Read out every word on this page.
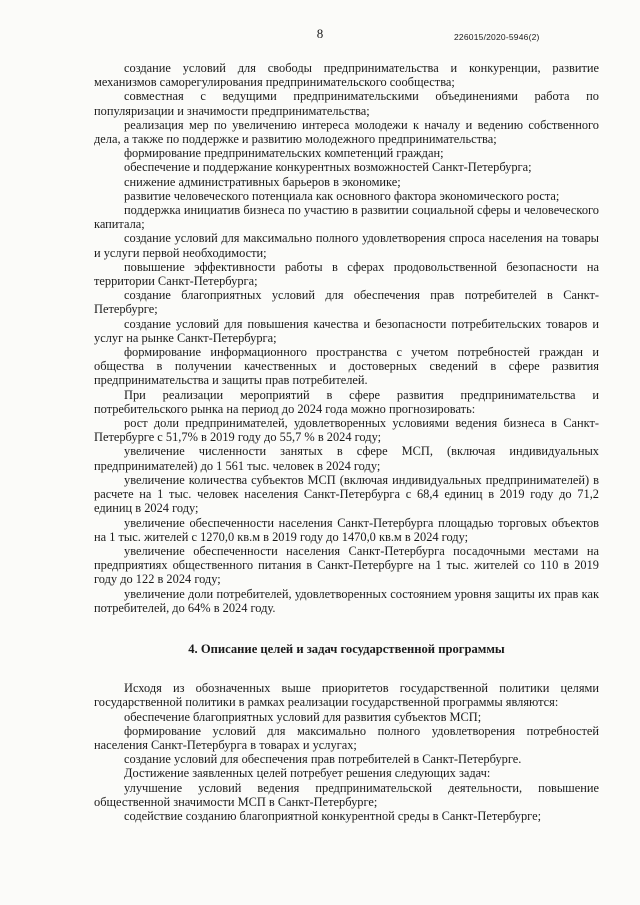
8	226015/2020-5946(2)

создание условий для свободы предпринимательства и конкуренции, развитие механизмов саморегулирования предпринимательского сообщества;

совместная с ведущими предпринимательскими объединениями работа по популяризации и значимости предпринимательства;

реализация мер по увеличению интереса молодежи к началу и ведению собственного дела, а также по поддержке и развитию молодежного предпринимательства;

формирование предпринимательских компетенций граждан;

обеспечение и поддержание конкурентных возможностей Санкт-Петербурга;

снижение административных барьеров в экономике;

развитие человеческого потенциала как основного фактора экономического роста;

поддержка инициатив бизнеса по участию в развитии социальной сферы и человеческого капитала;

создание условий для максимально полного удовлетворения спроса населения на товары и услуги первой необходимости;

повышение эффективности работы в сферах продовольственной безопасности на территории Санкт-Петербурга;

создание благоприятных условий для обеспечения прав потребителей в Санкт-Петербурге;

создание условий для повышения качества и безопасности потребительских товаров и услуг на рынке Санкт-Петербурга;

формирование информационного пространства с учетом потребностей граждан и общества в получении качественных и достоверных сведений в сфере развития предпринимательства и защиты прав потребителей.

При реализации мероприятий в сфере развития предпринимательства и потребительского рынка на период до 2024 года можно прогнозировать:

рост доли предпринимателей, удовлетворенных условиями ведения бизнеса в Санкт-Петербурге с 51,7% в 2019 году до 55,7 % в 2024 году;

увеличение численности занятых в сфере МСП, (включая индивидуальных предпринимателей) до 1 561 тыс. человек в 2024 году;

увеличение количества субъектов МСП (включая индивидуальных предпринимателей) в расчете на 1 тыс. человек населения Санкт-Петербурга с 68,4 единиц в 2019 году до 71,2 единиц в 2024 году;

увеличение обеспеченности населения Санкт-Петербурга площадью торговых объектов на 1 тыс. жителей с 1270,0 кв.м в 2019 году до 1470,0 кв.м в 2024 году;

увеличение обеспеченности населения Санкт-Петербурга посадочными местами на предприятиях общественного питания в Санкт-Петербурге на 1 тыс. жителей со 110 в 2019 году до 122 в 2024 году;

увеличение доли потребителей, удовлетворенных состоянием уровня защиты их прав как потребителей, до 64% в 2024 году.

4. Описание целей и задач государственной программы

Исходя из обозначенных выше приоритетов государственной политики целями государственной политики в рамках реализации государственной программы являются:

обеспечение благоприятных условий для развития субъектов МСП;

формирование условий для максимально полного удовлетворения потребностей населения Санкт-Петербурга в товарах и услугах;

создание условий для обеспечения прав потребителей в Санкт-Петербурге.

Достижение заявленных целей потребует решения следующих задач:

улучшение условий ведения предпринимательской деятельности, повышение общественной значимости МСП в Санкт-Петербурге;

содействие созданию благоприятной конкурентной среды в Санкт-Петербурге;
